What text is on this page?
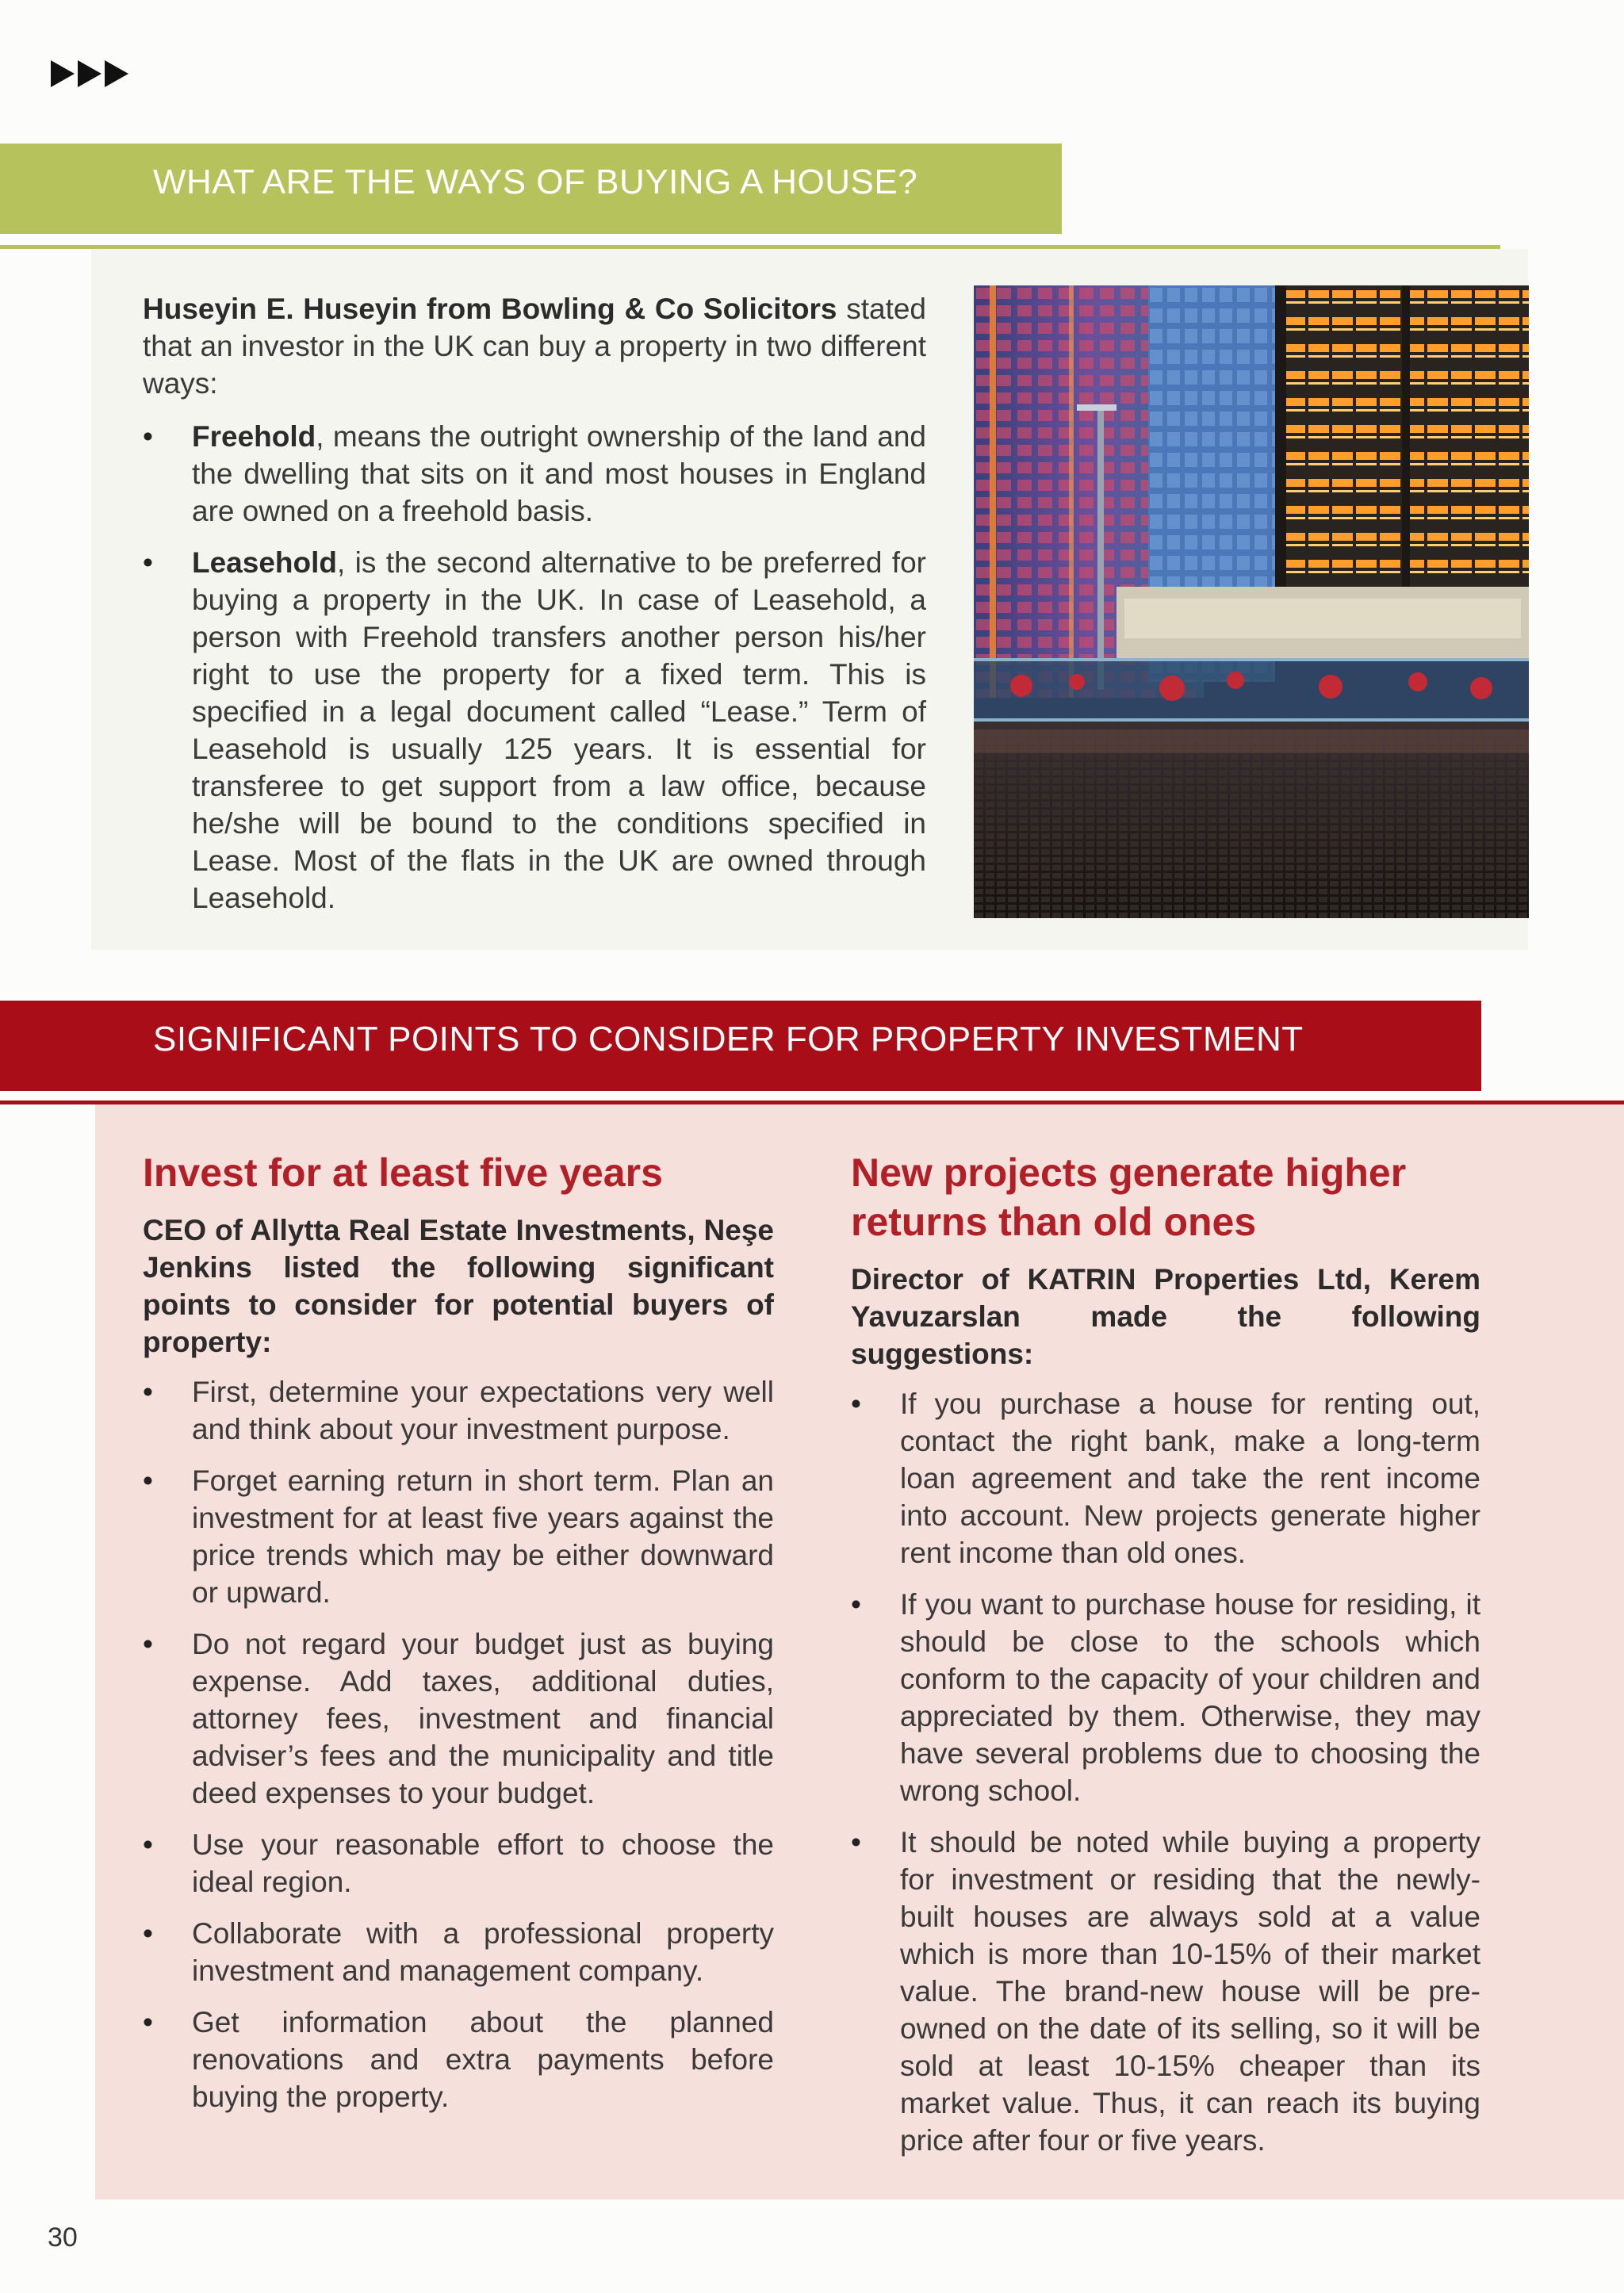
WHAT ARE THE WAYS OF BUYING A HOUSE?

Huseyin E. Huseyin from Bowling & Co Solicitors stated that an investor in the UK can buy a property in two different ways:

• Freehold, means the outright ownership of the land and the dwelling that sits on it and most houses in England are owned on a freehold basis.
• Leasehold, is the second alternative to be preferred for buying a property in the UK. In case of Leasehold, a person with Freehold transfers another person his/her right to use the property for a fixed term. This is specified in a legal document called “Lease.” Term of Leasehold is usually 125 years. It is essential for transferee to get support from a law office, because he/she will be bound to the conditions specified in Lease. Most of the flats in the UK are owned through Leasehold.
SIGNIFICANT POINTS TO CONSIDER FOR PROPERTY INVESTMENT
Invest for at least five years

CEO of Allytta Real Estate Investments, Neşe Jenkins listed the following significant points to consider for potential buyers of property:

• First, determine your expectations very well and think about your investment purpose.
• Forget earning return in short term. Plan an investment for at least five years against the price trends which may be either downward or upward.
• Do not regard your budget just as buying expense. Add taxes, additional duties, attorney fees, investment and financial adviser’s fees and the municipality and title deed expenses to your budget.
• Use your reasonable effort to choose the ideal region.
• Collaborate with a professional property investment and management company.
• Get information about the planned renovations and extra payments before buying the property.
New projects generate higher returns than old ones

Director of KATRIN Properties Ltd, Kerem Yavuzarslan made the following suggestions:

• If you purchase a house for renting out, contact the right bank, make a long-term loan agreement and take the rent income into account. New projects generate higher rent income than old ones.
• If you want to purchase house for residing, it should be close to the schools which conform to the capacity of your children and appreciated by them. Otherwise, they may have several problems due to choosing the wrong school.
• It should be noted while buying a property for investment or residing that the newly-built houses are always sold at a value which is more than 10-15% of their market value. The brand-new house will be pre-owned on the date of its selling, so it will be sold at least 10-15% cheaper than its market value. Thus, it can reach its buying price after four or five years.
30
